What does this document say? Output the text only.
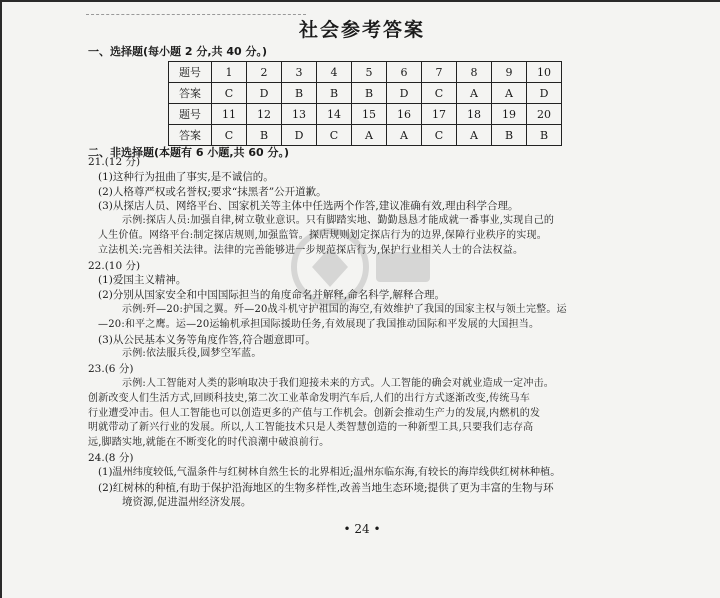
社会参考答案
一、选择题(每小题 2 分,共 40 分。)
题号	1	2	3	4	5	6	7	8	9	10
答案	C	D	B	B	B	D	C	A	A	D
题号	11	12	13	14	15	16	17	18	19	20
答案	C	B	D	C	A	A	C	A	B	B
二、非选择题(本题有 6 小题,共 60 分。)

21.(12 分)

(1)这种行为扭曲了事实,是不诚信的。

(2)人格尊严权或名誉权;要求“抹黑者”公开道歉。

(3)从探店人员、网络平台、国家机关等主体中任选两个作答,建议准确有效,理由科学合理。

示例:探店人员:加强自律,树立敬业意识。只有脚踏实地、勤勤恳恳才能成就一番事业,实现自己的

人生价值。网络平台:制定探店规则,加强监管。探店规则划定探店行为的边界,保障行业秩序的实现。

立法机关:完善相关法律。法律的完善能够进一步规范探店行为,保护行业相关人士的合法权益。

22.(10 分)

(1)爱国主义精神。

(2)分别从国家安全和中国国际担当的角度命名并解释,命名科学,解释合理。

示例:歼—20:护国之翼。歼—20战斗机守护祖国的海空,有效维护了我国的国家主权与领土完整。运

—20:和平之鹰。运—20运输机承担国际援助任务,有效展现了我国推动国际和平发展的大国担当。

(3)从公民基本义务等角度作答,符合题意即可。

示例:依法服兵役,圆梦空军蓝。

23.(6 分)

示例:人工智能对人类的影响取决于我们迎接未来的方式。人工智能的确会对就业造成一定冲击。

创新改变人们生活方式,回顾科技史,第二次工业革命发明汽车后,人们的出行方式逐渐改变,传统马车

行业遭受冲击。但人工智能也可以创造更多的产值与工作机会。创新会推动生产力的发展,内燃机的发

明就带动了新兴行业的发展。所以,人工智能技术只是人类智慧创造的一种新型工具,只要我们志存高

远,脚踏实地,就能在不断变化的时代浪潮中破浪前行。

24.(8 分)

(1)温州纬度较低,气温条件与红树林自然生长的北界相近;温州东临东海,有较长的海岸线供红树林种植。

(2)红树林的种植,有助于保护沿海地区的生物多样性,改善当地生态环境;提供了更为丰富的生物与环

境资源,促进温州经济发展。

• 24 •
